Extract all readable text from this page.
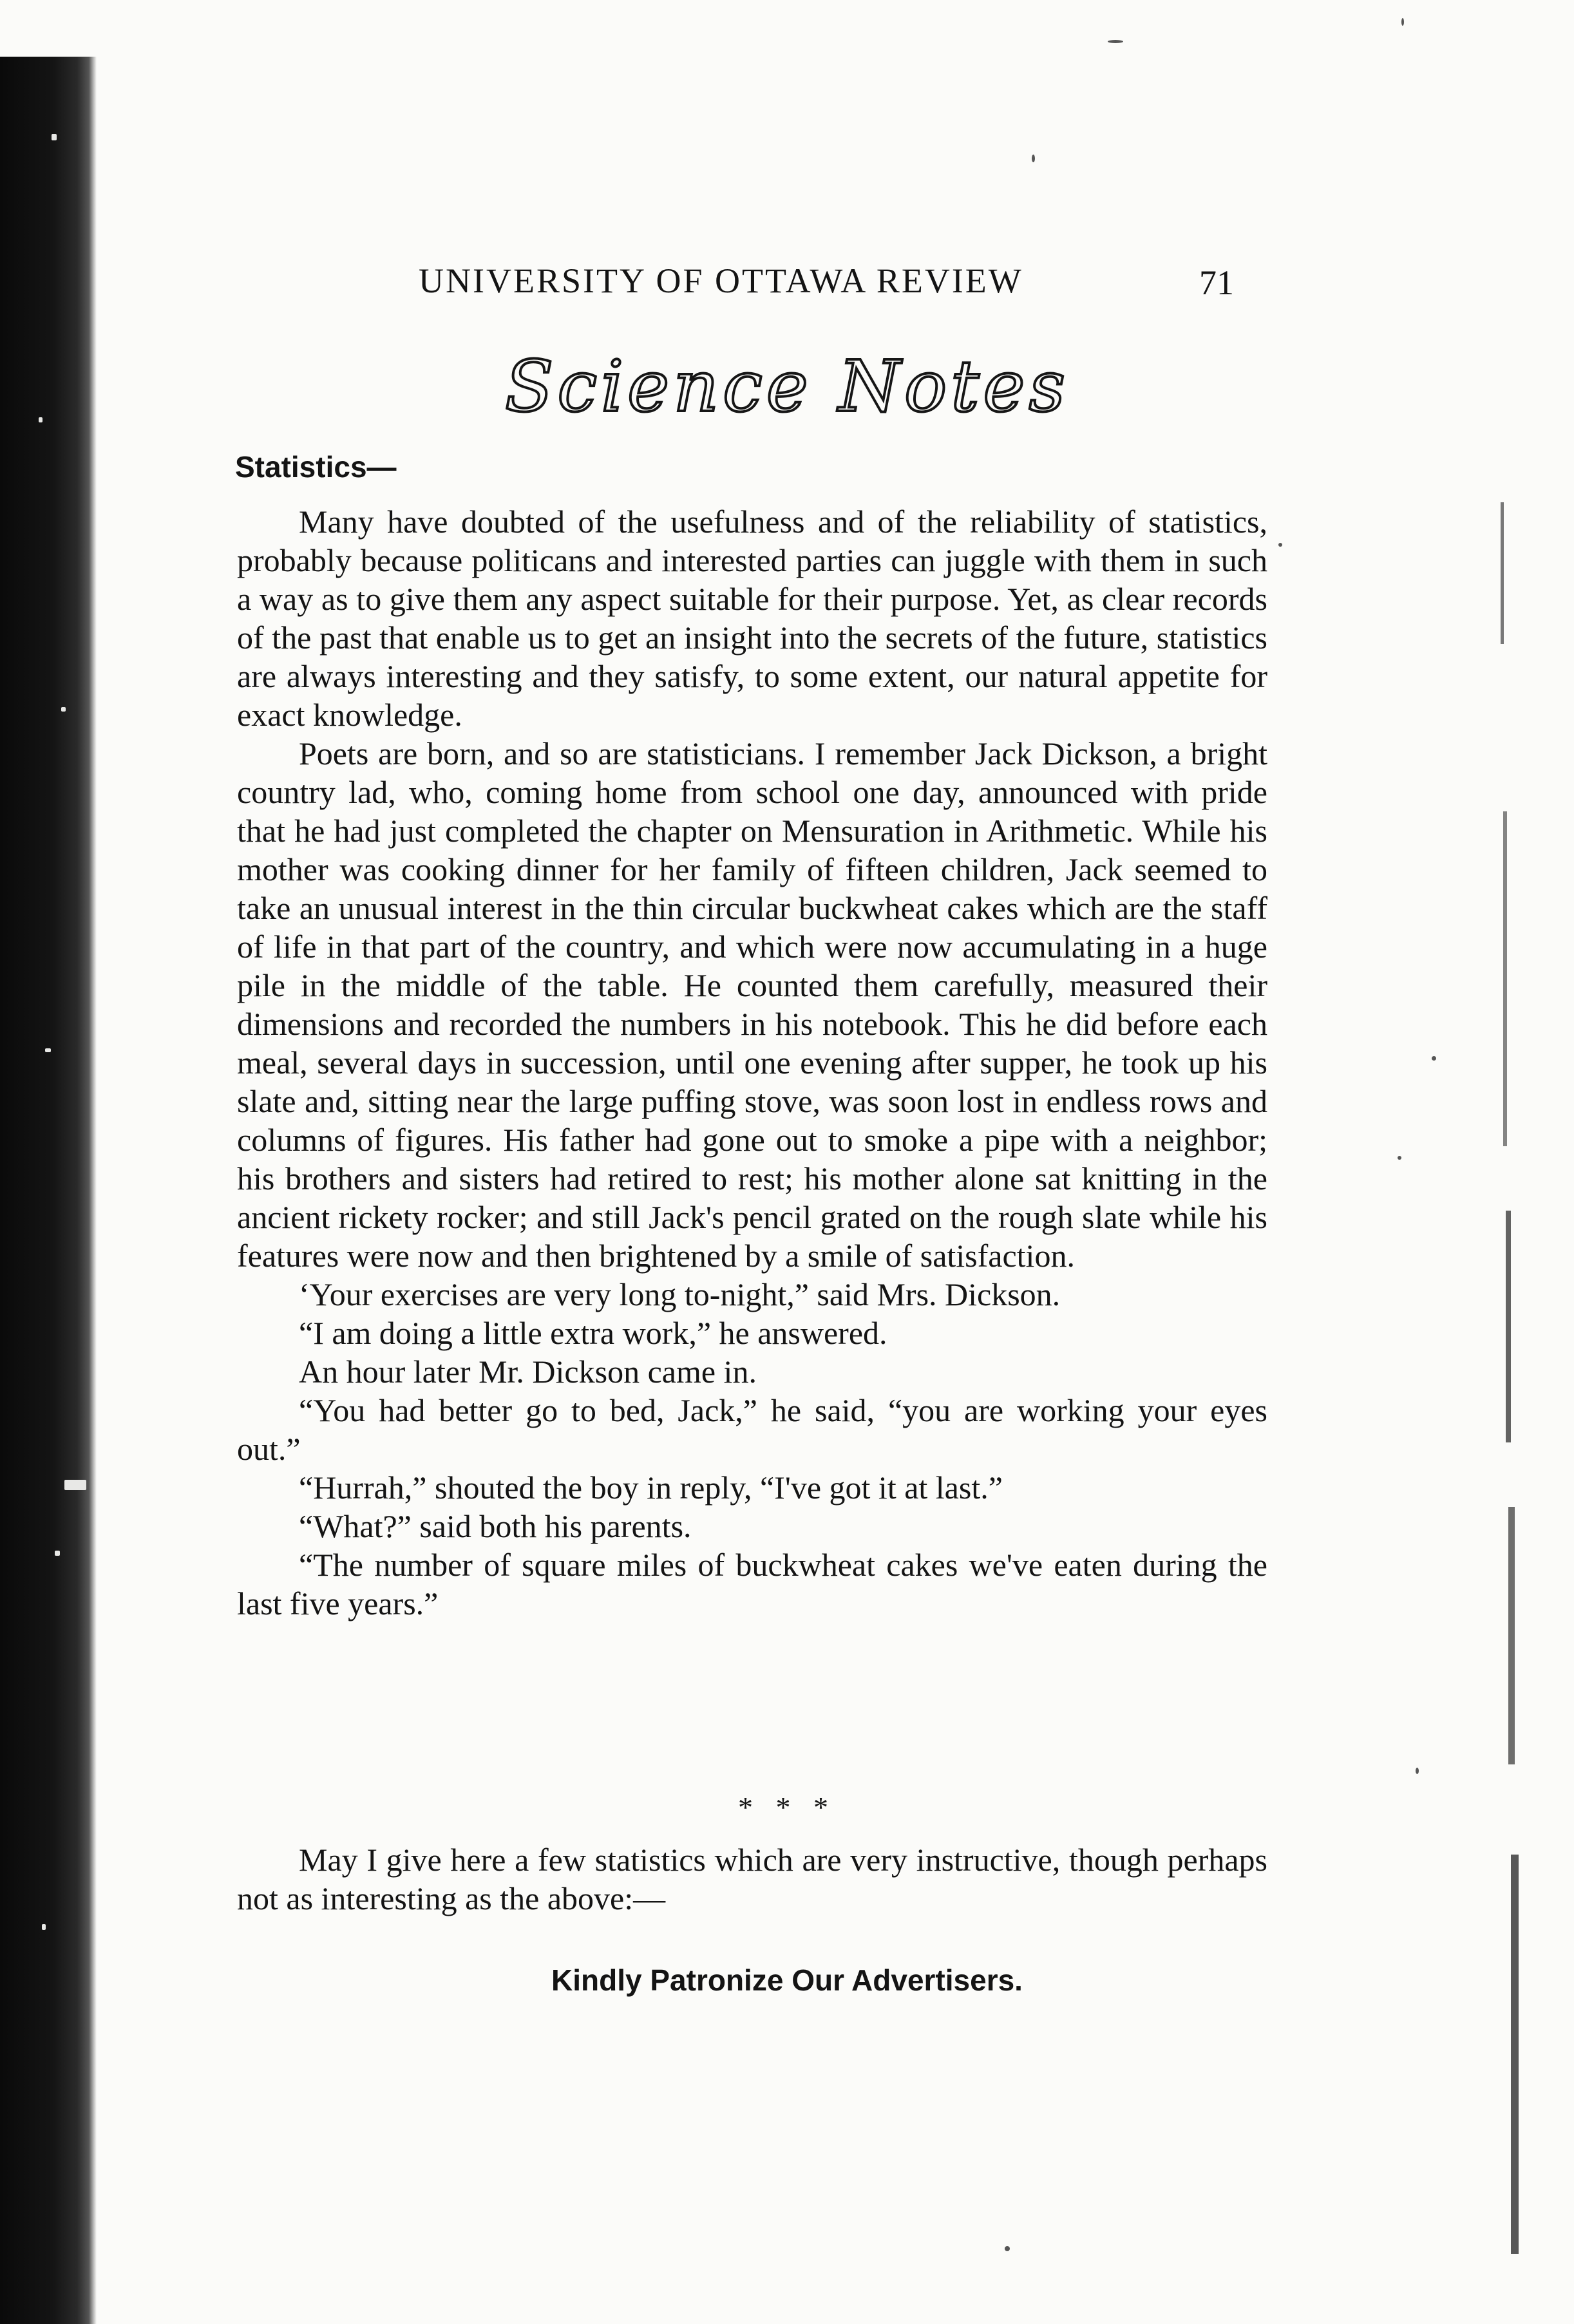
UNIVERSITY OF OTTAWA REVIEW	71
Science Notes
Statistics—

Many have doubted of the usefulness and of the reliability of statistics, probably because politicans and interested parties can juggle with them in such a way as to give them any aspect suitable for their purpose. Yet, as clear records of the past that enable us to get an insight into the secrets of the future, statistics are always interesting and they satisfy, to some extent, our natural appetite for exact knowledge.

Poets are born, and so are statisticians. I remember Jack Dickson, a bright country lad, who, coming home from school one day, announced with pride that he had just completed the chapter on Mensuration in Arithmetic. While his mother was cooking dinner for her family of fifteen children, Jack seemed to take an unusual interest in the thin circular buckwheat cakes which are the staff of life in that part of the country, and which were now accumulating in a huge pile in the middle of the table. He counted them carefully, measured their dimensions and recorded the numbers in his notebook. This he did before each meal, several days in succession, until one evening after supper, he took up his slate and, sitting near the large puffing stove, was soon lost in endless rows and columns of figures. His father had gone out to smoke a pipe with a neighbor; his brothers and sisters had retired to rest; his mother alone sat knitting in the ancient rickety rocker; and still Jack's pencil grated on the rough slate while his features were now and then brightened by a smile of satisfaction.

‘Your exercises are very long to-night,” said Mrs. Dickson.

“I am doing a little extra work,” he answered.

An hour later Mr. Dickson came in.

“You had better go to bed, Jack,” he said, “you are working your eyes out.”

“Hurrah,” shouted the boy in reply, “I've got it at last.”

“What?” said both his parents.

“The number of square miles of buckwheat cakes we've eaten during the last five years.”

* * *

May I give here a few statistics which are very instructive, though perhaps not as interesting as the above:—

Kindly Patronize Our Advertisers.
